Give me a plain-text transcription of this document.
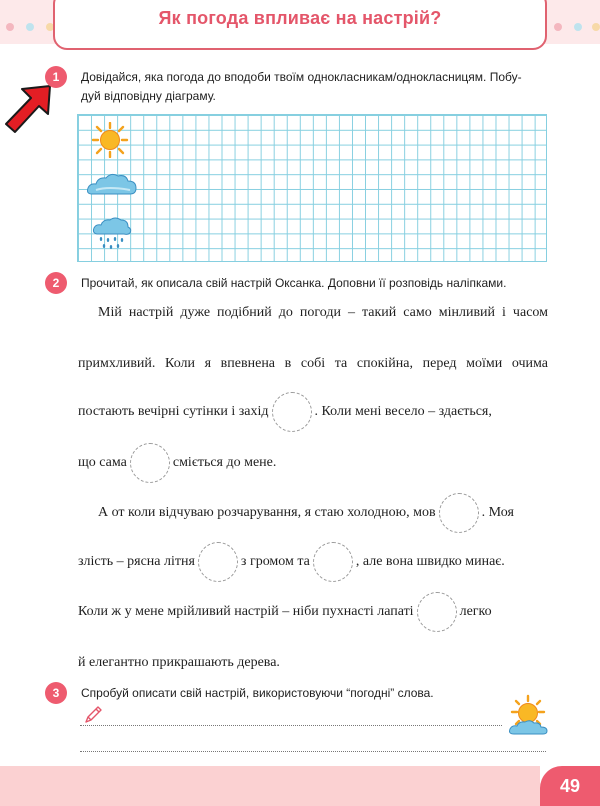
Як погода впливає на настрій?
1	Довідайся, яка погода до вподоби твоїм однокласникам/однокласницям. Побу-
дуй відповідну діаграму.
2	Прочитай, як описала свій настрій Оксанка. Доповни її розповідь наліпками.
Мій настрій дуже подібний до погоди – такий само мінливий і часом
примхливий. Коли я впевнена в собі та спокійна, перед моїми очима
постають вечірні сутінки і захід	. Коли мені весело – здається,
що сама	сміється до мене.
А от коли відчуваю розчарування, я стаю холодною, мов	. Моя
злість – рясна літня	з громом та	, але вона швидко минає.
Коли ж у мене мрійливий настрій – ніби пухнасті лапаті	легко
й елегантно прикрашають дерева.
3	Спробуй описати свій настрій, використовуючи “погодні” слова.
49
